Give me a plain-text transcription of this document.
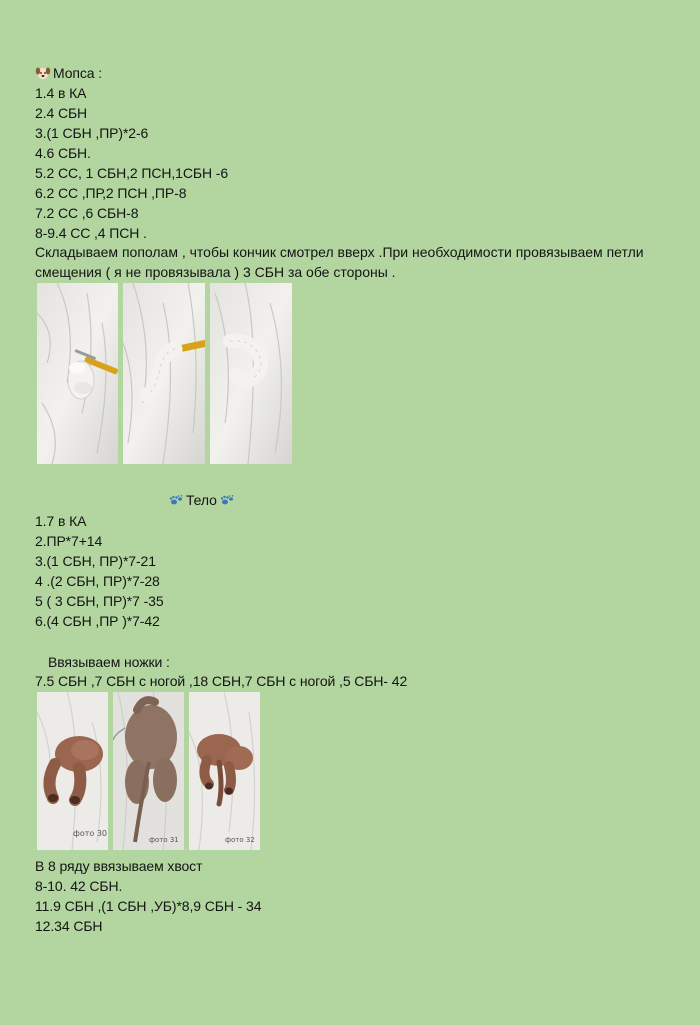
Мопса :
1.4 в КА
2.4 СБН
3.(1 СБН ,ПР)*2-6
4.6 СБН.
5.2 СС, 1 СБН,2 ПСН,1СБН -6
6.2 СС ,ПР,2 ПСН ,ПР-8
7.2 СС ,6 СБН-8
8-9.4 СС ,4 ПСН .
Складываем пополам , чтобы кончик смотрел вверх .При необходимости провязываем петли смещения ( я не провязывала ) 3 СБН за обе стороны .
Тело
1.7 в КА
2.ПР*7+14
3.(1 СБН, ПР)*7-21
4 .(2 СБН, ПР)*7-28
5 ( 3 СБН, ПР)*7 -35
6.(4 СБН ,ПР )*7-42
Ввязываем ножки :
7.5 СБН ,7 СБН с ногой ,18 СБН,7 СБН с ногой ,5 СБН- 42
фото 30
фото 31	фото 32
В 8 ряду ввязываем хвост
8-10. 42 СБН.
11.9 СБН ,(1 СБН ,УБ)*8,9 СБН - 34
12.34 СБН
